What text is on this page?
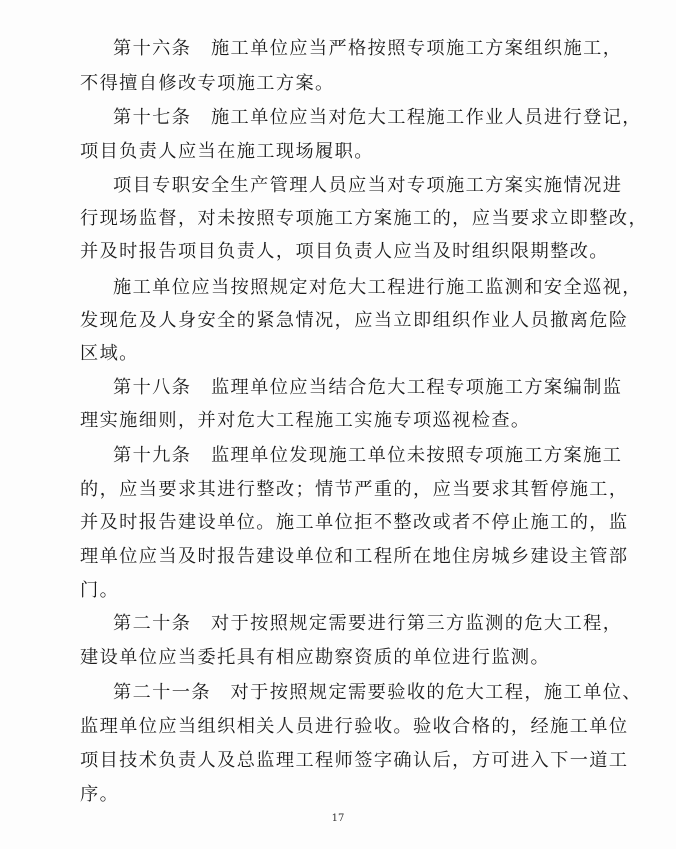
第十六条　施工单位应当严格按照专项施工方案组织施工，
不得擅自修改专项施工方案。
第十七条　施工单位应当对危大工程施工作业人员进行登记，
项目负责人应当在施工现场履职。
项目专职安全生产管理人员应当对专项施工方案实施情况进
行现场监督，对未按照专项施工方案施工的，应当要求立即整改，
并及时报告项目负责人，项目负责人应当及时组织限期整改。
施工单位应当按照规定对危大工程进行施工监测和安全巡视，
发现危及人身安全的紧急情况，应当立即组织作业人员撤离危险
区域。
第十八条　监理单位应当结合危大工程专项施工方案编制监
理实施细则，并对危大工程施工实施专项巡视检查。
第十九条　监理单位发现施工单位未按照专项施工方案施工
的，应当要求其进行整改；情节严重的，应当要求其暂停施工，
并及时报告建设单位。施工单位拒不整改或者不停止施工的，监
理单位应当及时报告建设单位和工程所在地住房城乡建设主管部
门。
第二十条　对于按照规定需要进行第三方监测的危大工程，
建设单位应当委托具有相应勘察资质的单位进行监测。
第二十一条　对于按照规定需要验收的危大工程，施工单位、
监理单位应当组织相关人员进行验收。验收合格的，经施工单位
项目技术负责人及总监理工程师签字确认后，方可进入下一道工
序。
17
